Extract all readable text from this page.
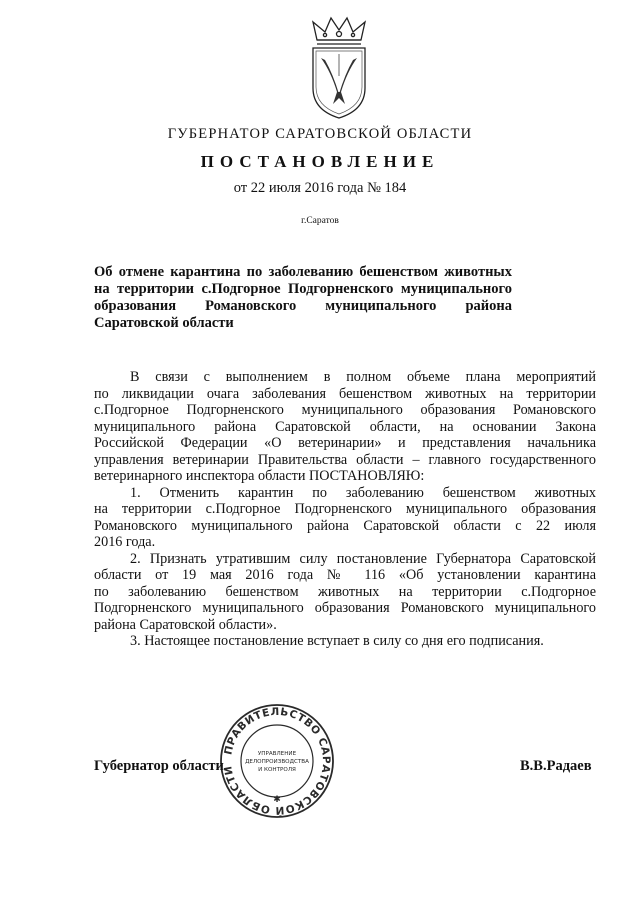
ГУБЕРНАТОР САРАТОВСКОЙ ОБЛАСТИ
ПОСТАНОВЛЕНИЕ
от 22 июля 2016 года № 184
г.Саратов
Об отмене карантина по заболеванию бешенством животных
на территории с.Подгорное Подгорненского муниципального
образования Романовского муниципального района
Саратовской области
В связи с выполнением в полном объеме плана мероприятий
по ликвидации очага заболевания бешенством животных на территории
с.Подгорное Подгорненского муниципального образования Романовского
муниципального района Саратовской области, на основании Закона
Российской Федерации «О ветеринарии» и представления начальника
управления ветеринарии Правительства области – главного государственного
ветеринарного инспектора области ПОСТАНОВЛЯЮ:
1. Отменить карантин по заболеванию бешенством животных
на территории с.Подгорное Подгорненского муниципального образования
Романовского муниципального района Саратовской области с 22 июля
2016 года.
2. Признать утратившим силу постановление Губернатора Саратовской
области от 19 мая 2016 года № 116 «Об установлении карантина
по заболеванию бешенством животных на территории с.Подгорное
Подгорненского муниципального образования Романовского муниципального
района Саратовской области».
3. Настоящее постановление вступает в силу со дня его подписания.
ПРАВИТЕЛЬСТВО САРАТОВСКОЙ ОБЛАСТИ
✱
УПРАВЛЕНИЕ
ДЕЛОПРОИЗВОДСТВА
И КОНТРОЛЯ
Губернатор области	В.В.Радаев
